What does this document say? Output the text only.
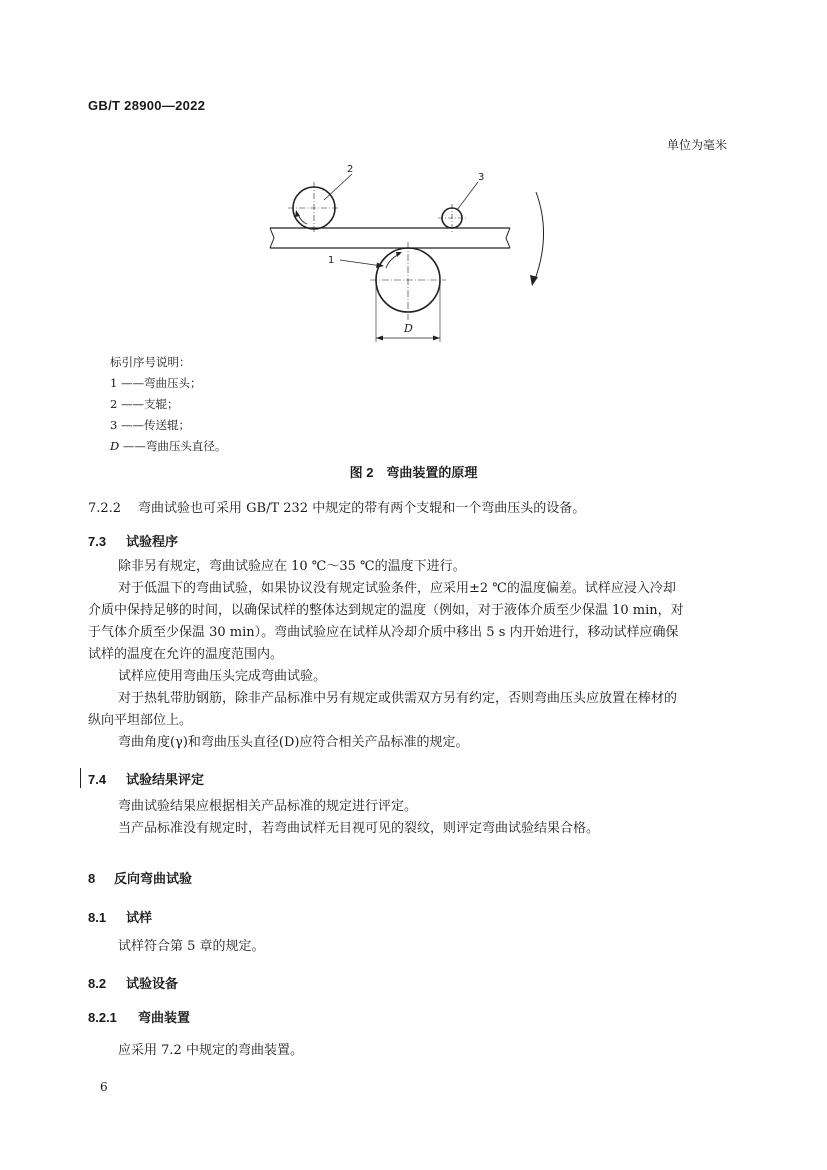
GB/T 28900—2022
单位为毫米
D
2
3
1
标引序号说明：
1 ——弯曲压头；
2 ——支辊；
3 ——传送辊；
D ——弯曲压头直径。
图 2　弯曲装置的原理
7.2.2 弯曲试验也可采用 GB/T 232 中规定的带有两个支辊和一个弯曲压头的设备。
7.3 试验程序
除非另有规定，弯曲试验应在 10 ℃～35 ℃的温度下进行。
对于低温下的弯曲试验，如果协议没有规定试验条件，应采用±2 ℃的温度偏差。试样应浸入冷却
介质中保持足够的时间，以确保试样的整体达到规定的温度（例如，对于液体介质至少保温 10 min，对
于气体介质至少保温 30 min）。弯曲试验应在试样从冷却介质中移出 5 s 内开始进行，移动试样应确保
试样的温度在允许的温度范围内。
试样应使用弯曲压头完成弯曲试验。
对于热轧带肋钢筋，除非产品标准中另有规定或供需双方另有约定，否则弯曲压头应放置在棒材的
纵向平坦部位上。
弯曲角度(γ)和弯曲压头直径(D)应符合相关产品标准的规定。
7.4 试验结果评定
弯曲试验结果应根据相关产品标准的规定进行评定。
当产品标准没有规定时，若弯曲试样无目视可见的裂纹，则评定弯曲试验结果合格。
8 反向弯曲试验
8.1 试样
试样符合第 5 章的规定。
8.2 试验设备
8.2.1 弯曲装置
应采用 7.2 中规定的弯曲装置。
6
